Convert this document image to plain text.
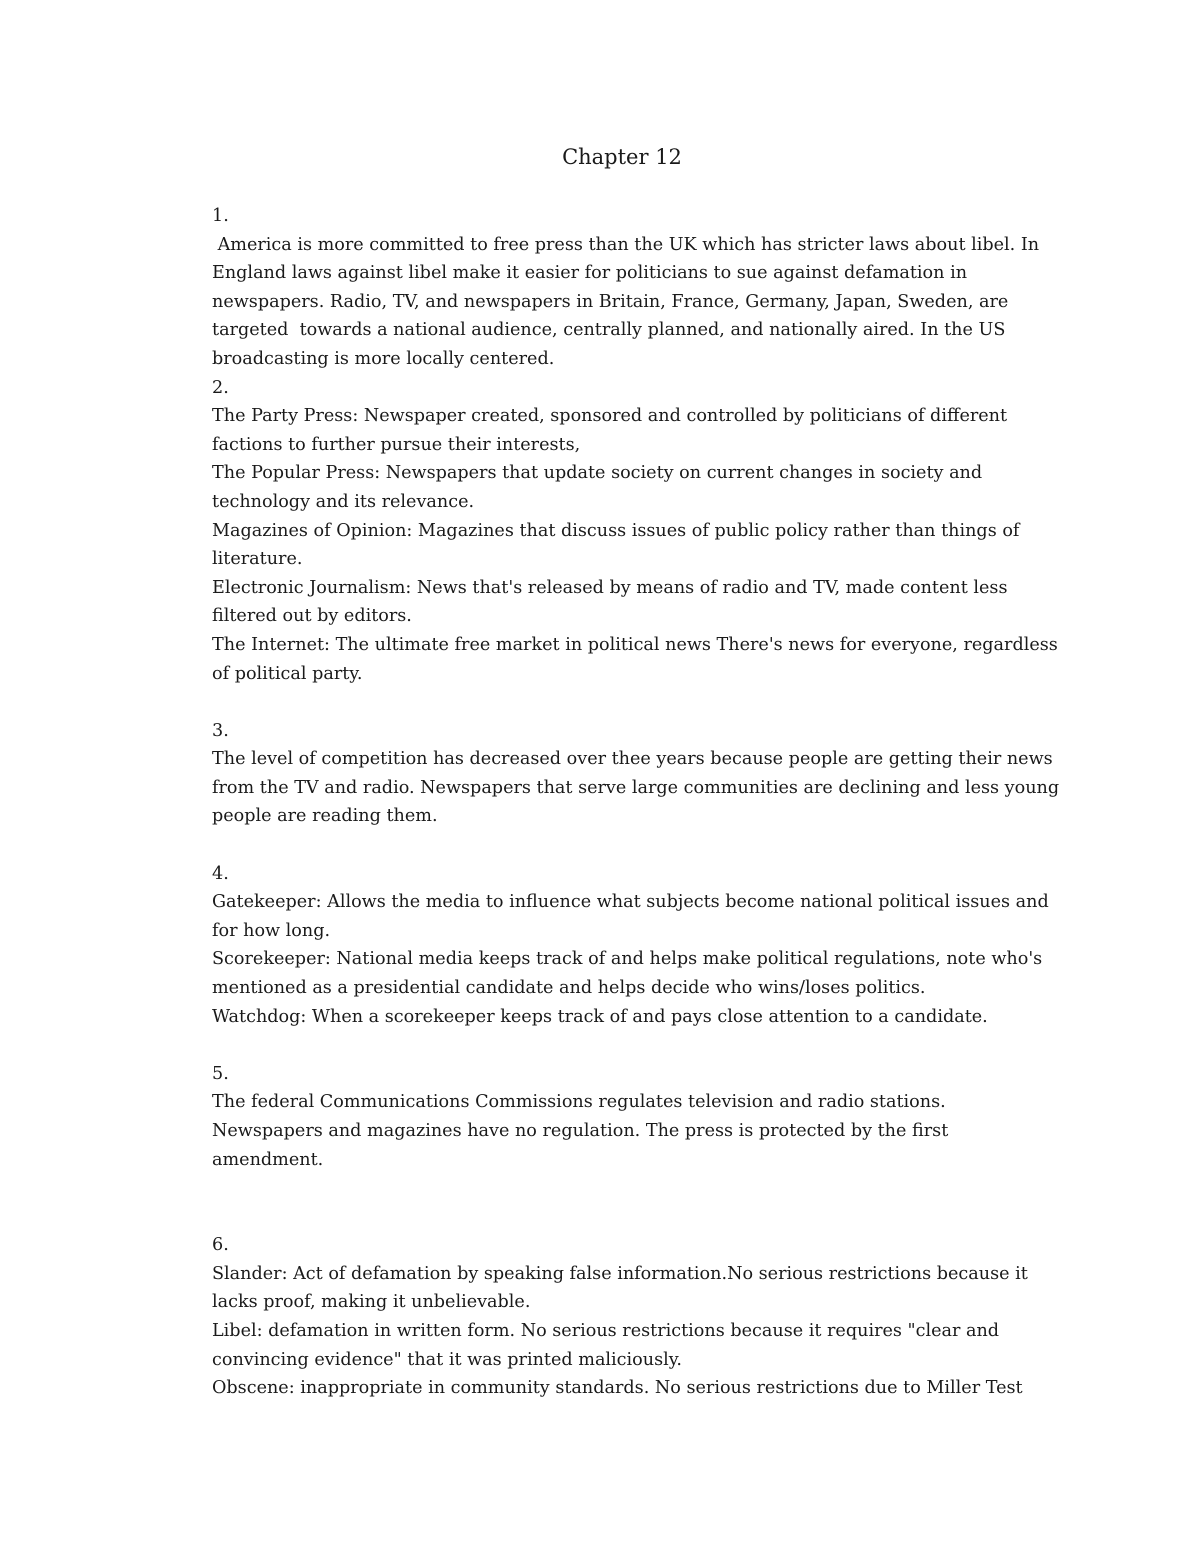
Chapter 12
1.
America is more committed to free press than the UK which has stricter laws about libel. In England laws against libel make it easier for politicians to sue against defamation in newspapers. Radio, TV, and newspapers in Britain, France, Germany, Japan, Sweden, are targeted  towards a national audience, centrally planned, and nationally aired. In the US broadcasting is more locally centered.
2.
The Party Press: Newspaper created, sponsored and controlled by politicians of different factions to further pursue their interests,
The Popular Press: Newspapers that update society on current changes in society and technology and its relevance.
Magazines of Opinion: Magazines that discuss issues of public policy rather than things of literature.
Electronic Journalism: News that's released by means of radio and TV, made content less filtered out by editors.
The Internet: The ultimate free market in political news There's news for everyone, regardless of political party.
3.
The level of competition has decreased over thee years because people are getting their news from the TV and radio. Newspapers that serve large communities are declining and less young people are reading them.
4.
Gatekeeper: Allows the media to influence what subjects become national political issues and for how long.
Scorekeeper: National media keeps track of and helps make political regulations, note who's mentioned as a presidential candidate and helps decide who wins/loses politics.
Watchdog: When a scorekeeper keeps track of and pays close attention to a candidate.
5.
The federal Communications Commissions regulates television and radio stations. Newspapers and magazines have no regulation. The press is protected by the first amendment.
6.
Slander: Act of defamation by speaking false information.No serious restrictions because it lacks proof, making it unbelievable.
Libel: defamation in written form. No serious restrictions because it requires "clear and convincing evidence" that it was printed maliciously.
Obscene: inappropriate in community standards. No serious restrictions due to Miller Test
